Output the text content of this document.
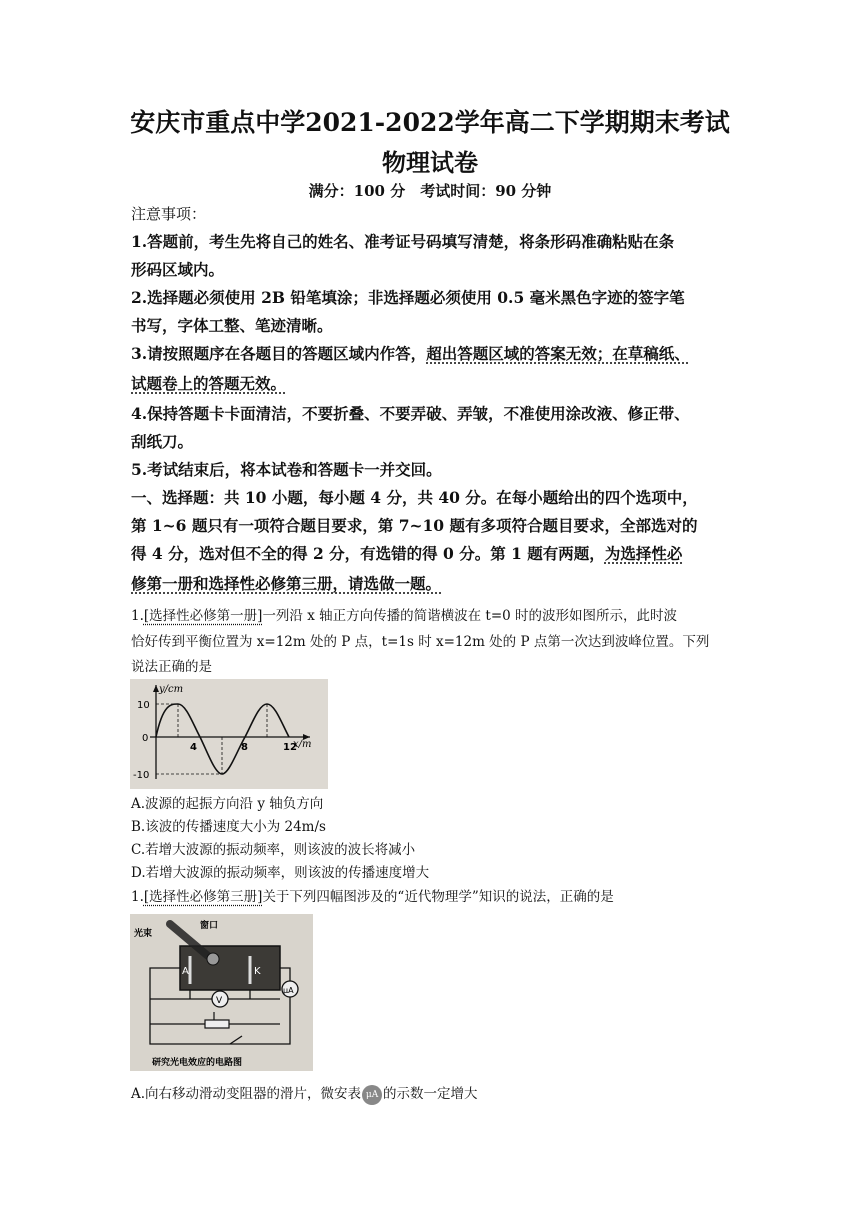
安庆市重点中学2021-2022学年高二下学期期末考试
物理试卷
满分：100 分　考试时间：90 分钟
注意事项：
1.答题前，考生先将自己的姓名、准考证号码填写清楚，将条形码准确粘贴在条
形码区域内。
2.选择题必须使用 2B 铅笔填涂；非选择题必须使用 0.5 毫米黑色字迹的签字笔
书写，字体工整、笔迹清晰。
3.请按照题序在各题目的答题区域内作答，超出答题区域的答案无效；在草稿纸、
试题卷上的答题无效。
4.保持答题卡卡面清洁，不要折叠、不要弄破、弄皱，不准使用涂改液、修正带、
刮纸刀。
5.考试结束后，将本试卷和答题卡一并交回。
一、选择题：共 10 小题，每小题 4 分，共 40 分。在每小题给出的四个选项中，
第 1~6 题只有一项符合题目要求，第 7~10 题有多项符合题目要求，全部选对的
得 4 分，选对但不全的得 2 分，有选错的得 0 分。第 1 题有两题，为选择性必
修第一册和选择性必修第三册，请选做一题。
1.[选择性必修第一册]一列沿 x 轴正方向传播的简谐横波在 t=0 时的波形如图所示，此时波
恰好传到平衡位置为 x=12m 处的 P 点，t=1s 时 x=12m 处的 P 点第一次达到波峰位置。下列
说法正确的是
y/cm
x/m
10
0
-10
4	8	12
A.波源的起振方向沿 y 轴负方向
B.该波的传播速度大小为 24m/s
C.若增大波源的振动频率，则该波的波长将减小
D.若增大波源的振动频率，则该波的传播速度增大
1.[选择性必修第三册]关于下列四幅图涉及的“近代物理学”知识的说法，正确的是
A	K
光束
窗口
V
μA
研究光电效应的电路图
A.向右移动滑动变阻器的滑片，微安表 μA 的示数一定增大
